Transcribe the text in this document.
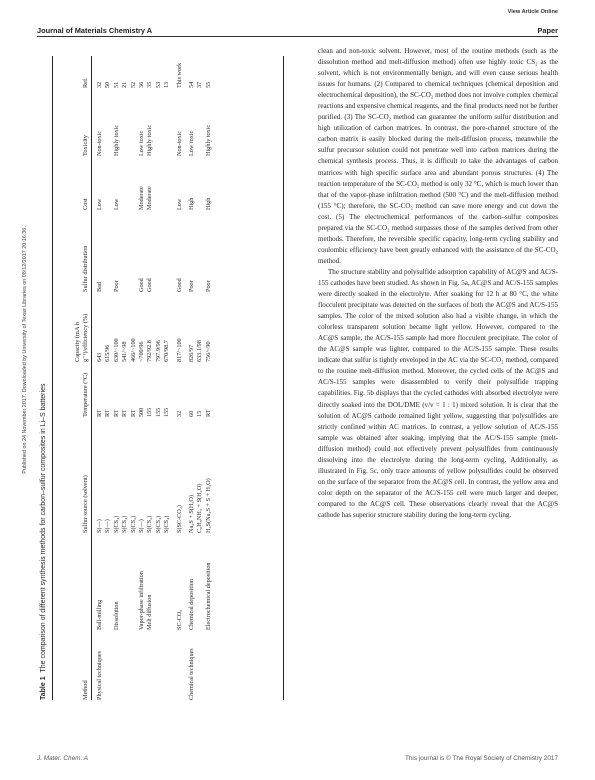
View Article Online
Journal of Materials Chemistry A	Paper
Published on 24 November 2017. Downloaded by University of Texas Libraries on 08/12/2017 20:16:36.
Table 1  The comparison of different synthesis methods for carbon–sulfur composites in Li–S batteries
Method
Sulfur source (solvent)
Temperature (°C)
Capacity (mA h g⁻¹)/efficiency (%)
Sulfur distribution
Cost
Toxicity
Ref.
Physical techniques
Ball-milling
S(—)
RT
643
Bad
Low
Non-toxic
32
S(—)
RT
615/96
50
Dissolution
S(CS₂)
RT
630/~100
Poor
Low
Highly toxic
51
S(CS₂)
RT
541/~98
21
S(CS₂)
RT
466/~100
52
Vapor-phase infiltration
S(—)
500
~700/96
Good
Moderate
Low toxic
36
Melt diffusion
S(CS₂)
155
792/92.8
Good
Moderate
Highly toxic
35
S(CS₂)
155
797.9/96
53
S(CS₂)
155
670/98.7
13
SC-CO₂
S(SC-CO₂)
32
817/~100
Good
Low
Non-toxic
This work
Chemical techniques
Chemical deposition
Na₂S + S(H₂O)
60
826/97
Poor
High
Low toxic
54
C₆H₅NH₃ + S(H₂O)
15
633.1/98
37
Electrochemical deposition
H₂S(Na₂S + S + H₂O)
RT
756/~90
Poor
High
Highly toxic
55

clean and non-toxic solvent. However, most of the routine methods (such as the dissolution method and melt-diffusion method) often use highly toxic CS₂ as the solvent, which is not environmentally benign, and will even cause serious health issues for humans. (2) Compared to chemical techniques (chemical deposition and electrochemical deposition), the SC-CO₂ method does not involve complex chemical reactions and expensive chemical reagents, and the final products need not be further purified. (3) The SC-CO₂ method can guarantee the uniform sulfur distribution and high utilization of carbon matrices. In contrast, the pore-channel structure of the carbon matrix is easily blocked during the melt-diffusion process, meanwhile the sulfur precursor solution could not penetrate well into carbon matrices during the chemical synthesis process. Thus, it is difficult to take the advantages of carbon matrices with high specific surface area and abundant porous structures. (4) The reaction temperature of the SC-CO₂ method is only 32 °C, which is much lower than that of the vapor-phase infiltration method (500 °C) and the melt-diffusion method (155 °C); therefore, the SC-CO₂ method can save more energy and cut down the cost. (5) The electrochemical performances of the carbon–sulfur composites prepared via the SC-CO₂ method surpasses those of the samples derived from other methods. Therefore, the reversible specific capacity, long-term cycling stability and coulombic efficiency have been greatly enhanced with the assistance of the SC-CO₂ method.

The structure stability and polysulfide adsorption capability of AC@S and AC/S-155 cathodes have been studied. As shown in Fig. 5a, AC@S and AC/S-155 samples were directly soaked in the electrolyte. After soaking for 12 h at 80 °C, the white flocculent precipitate was detected on the surfaces of both the AC@S and AC/S-155 samples. The color of the mixed solution also had a visible change, in which the colorless transparent solution became light yellow. However, compared to the AC@S sample, the AC/S-155 sample had more flocculent precipitate. The color of the AC@S sample was lighter, compared to the AC/S-155 sample. These results indicate that sulfur is tightly enveloped in the AC via the SC-CO₂ method, compared to the routine melt-diffusion method. Moreover, the cycled cells of the AC@S and AC/S-155 samples were disassembled to verify their polysulfide trapping capabilities. Fig. 5b displays that the cycled cathodes with absorbed electrolyte were directly soaked into the DOL/DME (v/v = 1 : 1) mixed solution. It is clear that the solution of AC@S cathode remained light yellow, suggesting that polysulfides are strictly confined within AC matrices. In contrast, a yellow solution of AC/S-155 sample was obtained after soaking, implying that the AC/S-155 sample (melt-diffusion method) could not effectively prevent polysulfides from continuously dissolving into the electrolyte during the long-term cycling. Additionally, as illustrated in Fig. 5c, only trace amounts of yellow polysulfides could be observed on the surface of the separator from the AC@S cell. In contrast, the yellow area and color depth on the separator of the AC/S-155 cell were much larger and deeper, compared to the AC@S cell. These observations clearly reveal that the AC@S cathode has superior structure stability during the long-term cycling.

J. Mater. Chem. A	This journal is © The Royal Society of Chemistry 2017
